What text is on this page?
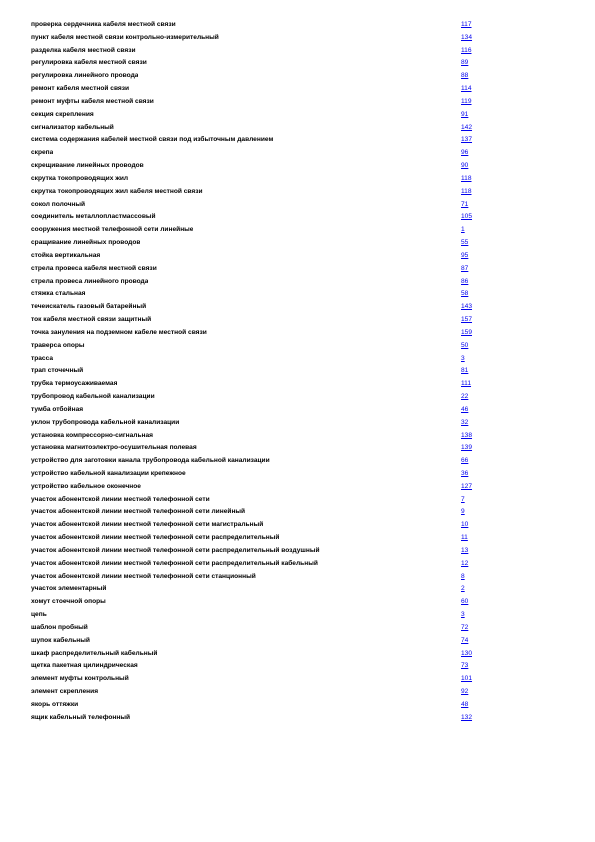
проверка сердечника кабеля местной связи	117
пункт кабеля местной связи контрольно-измерительный	134
разделка кабеля местной связи	116
регулировка кабеля местной связи	89
регулировка линейного провода	88
ремонт кабеля местной связи	114
ремонт муфты кабеля местной связи	119
секция скрепления	91
сигнализатор кабельный	142
система содержания кабелей местной связи под избыточным давлением	137
скрепа	96
скрещивание линейных проводов	90
скрутка токопроводящих жил	118
скрутка токопроводящих жил кабеля местной связи	118
сокол полочный	71
соединитель металлопластмассовый	105
сооружения местной телефонной сети линейные	1
сращивание линейных проводов	55
стойка вертикальная	95
стрела провеса кабеля местной связи	87
стрела провеса линейного провода	86
стяжка стальная	58
течеискатель газовый батарейный	143
ток кабеля местной связи защитный	157
точка зануления на подземном кабеле местной связи	159
траверса опоры	50
трасса	3
трап сточечный	81
трубка термоусаживаемая	111
трубопровод кабельной канализации	22
тумба отбойная	46
уклон трубопровода кабельной канализации	32
установка компрессорно-сигнальная	138
установка магнитоэлектро-осушительная полевая	139
устройство для заготовки канала трубопровода кабельной канализации	66
устройство кабельной канализации крепежное	36
устройство кабельное оконечное	127
участок абонентской линии местной телефонной сети	7
участок абонентской линии местной телефонной сети линейный	9
участок абонентской линии местной телефонной сети магистральный	10
участок абонентской линии местной телефонной сети распределительный	11
участок абонентской линии местной телефонной сети распределительный воздушный	13
участок абонентской линии местной телефонной сети распределительный кабельный	12
участок абонентской линии местной телефонной сети станционный	8
участок элементарный	2
хомут стоечной опоры	60
цепь	3
шаблон пробный	72
шупок кабельный	74
шкаф распределительный кабельный	130
щетка пакетная цилиндрическая	73
элемент муфты контрольный	101
элемент скрепления	92
якорь оттяжки	48
ящик кабельный телефонный	132
